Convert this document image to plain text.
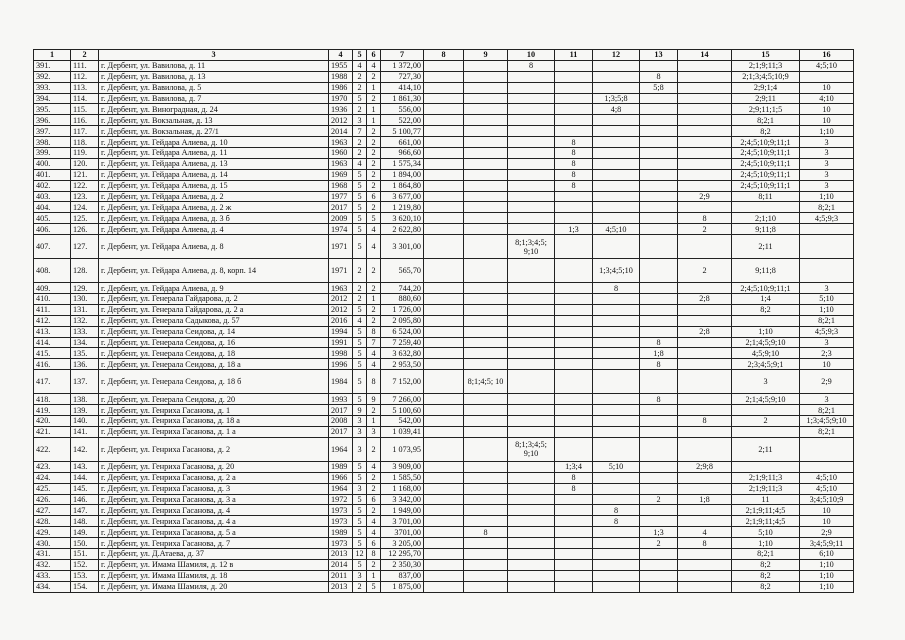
1	2	3	4	5	6	7	8	9	10	11	12	13	14	15	16
391.	111.	г. Дербент, ул. Вавилова, д. 11	1955	4	4	1 372,00			8					2;1;9;11;3	4;5;10
392.	112.	г. Дербент, ул. Вавилова, д. 13	1988	2	2	727,30						8		2;1;3;4;5;10;9	
393.	113.	г. Дербент, ул. Вавилова, д. 5	1986	2	1	414,10						5;8		2;9;1;4	10
394.	114.	г. Дербент, ул. Вавилова, д. 7	1970	5	2	1 861,30					1;3;5;8			2;9;11	4;10
395.	115.	г. Дербент, ул. Виноградная, д. 24	1936	2	1	556,00					4;8			2;9;11;1;5	10
396.	116.	г. Дербент, ул. Вокзальная, д. 13	2012	3	1	522,00								8;2;1	10
397.	117.	г. Дербент, ул. Вокзальная, д. 27/1	2014	7	2	5 100,77								8;2	1;10
398.	118.	г. Дербент, ул. Гейдара Алиева, д. 10	1963	2	2	661,00				8				2;4;5;10;9;11;1	3
399.	119.	г. Дербент, ул. Гейдара Алиева, д. 11	1960	2	2	966,60				8				2;4;5;10;9;11;1	3
400.	120.	г. Дербент, ул. Гейдара Алиева, д. 13	1963	4	2	1 575,34				8				2;4;5;10;9;11;1	3
401.	121.	г. Дербент, ул. Гейдара Алиева, д. 14	1969	5	2	1 894,00				8				2;4;5;10;9;11;1	3
402.	122.	г. Дербент, ул. Гейдара Алиева, д. 15	1968	5	2	1 864,80				8				2;4;5;10;9;11;1	3
403.	123.	г. Дербент, ул. Гейдара Алиева, д. 2	1977	5	6	3 677,00							2;9	8;11	1;10
404.	124.	г. Дербент, ул. Гейдара Алиева, д. 2 ж	2017	5	2	1 219,80									8;2;1
405.	125.	г. Дербент, ул. Гейдара Алиева, д. 3 б	2009	5	5	3 620,10							8	2;1;10	4;5;9;3
406.	126.	г. Дербент, ул. Гейдара Алиева, д. 4	1974	5	4	2 622,80				1;3	4;5;10		2	9;11;8	
407.	127.	г. Дербент, ул. Гейдара Алиева, д. 8	1971	5	4	3 301,00			8;1;3;4;5; 9;10					2;11	
408.	128.	г. Дербент, ул. Гейдара Алиева, д. 8, корп. 14	1971	2	2	565,70					1;3;4;5;10		2	9;11;8	
409.	129.	г. Дербент, ул. Гейдара Алиева, д. 9	1963	2	2	744,20					8			2;4;5;10;9;11;1	3
410.	130.	г. Дербент, ул. Генерала Гайдарова, д. 2	2012	2	1	880,60							2;8	1;4	5;10
411.	131.	г. Дербент, ул. Генерала Гайдарова, д. 2 а	2012	5	2	1 726,00								8;2	1;10
412.	132.	г. Дербент, ул. Генерала Садыкова, д. 57	2016	4	2	2 095,80									8;2;1
413.	133.	г. Дербент, ул. Генерала Сеидова, д. 14	1994	5	8	6 524,00							2;8	1;10	4;5;9;3
414.	134.	г. Дербент, ул. Генерала Сеидова, д. 16	1991	5	7	7 259,40						8		2;1;4;5;9;10	3
415.	135.	г. Дербент, ул. Генерала Сеидова, д. 18	1998	5	4	3 632,80						1;8		4;5;9;10	2;3
416.	136.	г. Дербент, ул. Генерала Сеидова, д. 18 а	1996	5	4	2 953,50						8		2;3;4;5;9;1	10
417.	137.	г. Дербент, ул. Генерала Сеидова, д. 18 б	1984	5	8	7 152,00		8;1;4;5; 10						3	2;9
418.	138.	г. Дербент, ул. Генерала Сеидова, д. 20	1993	5	9	7 266,00						8		2;1;4;5;9;10	3
419.	139.	г. Дербент, ул. Генриха Гасанова, д. 1	2017	9	2	5 100,60									8;2;1
420.	140.	г. Дербент, ул. Генриха Гасанова, д. 18 а	2008	3	1	542,00							8	2	1;3;4;5;9;10
421.	141.	г. Дербент, ул. Генриха Гасанова, д. 1 а	2017	3	3	1 039,41									8;2;1
422.	142.	г. Дербент, ул. Генриха Гасанова, д. 2	1964	3	2	1 073,95			8;1;3;4;5; 9;10					2;11	
423.	143.	г. Дербент, ул. Генриха Гасанова, д. 20	1989	5	4	3 909,00				1;3;4	5;10		2;9;8		
424.	144.	г. Дербент, ул. Генриха Гасанова, д. 2 а	1966	5	2	1 585,50				8				2;1;9;11;3	4;5;10
425.	145.	г. Дербент, ул. Генриха Гасанова, д. 3	1964	3	2	1 168,00				8				2;1;9;11;3	4;5;10
426.	146.	г. Дербент, ул. Генриха Гасанова, д. 3 а	1972	5	6	3 342,00						2	1;8	11	3;4;5;10;9
427.	147.	г. Дербент, ул. Генриха Гасанова, д. 4	1973	5	2	1 949,00					8			2;1;9;11;4;5	10
428.	148.	г. Дербент, ул. Генриха Гасанова, д. 4 а	1973	5	4	3 701,00					8			2;1;9;11;4;5	10
429.	149.	г. Дербент, ул. Генриха Гасанова, д. 5 а	1989	5	4	3701,00		8				1;3	4	5;10	2;9
430.	150.	г. Дербент, ул. Генриха Гасанова, д. 7	1973	5	6	3 205,00						2	8	1;10	3;4;5;9;11
431.	151.	г. Дербент, ул. Д.Атаева, д. 37	2013	12	8	12 295,70								8;2;1	6;10
432.	152.	г. Дербент, ул. Имама Шамиля, д. 12 в	2014	5	2	2 350,30								8;2	1;10
433.	153.	г. Дербент, ул. Имама Шамиля, д. 18	2011	3	1	837,00								8;2	1;10
434.	154.	г. Дербент, ул. Имама Шамиля, д. 20	2013	2	5	1 875,00								8;2	1;10
